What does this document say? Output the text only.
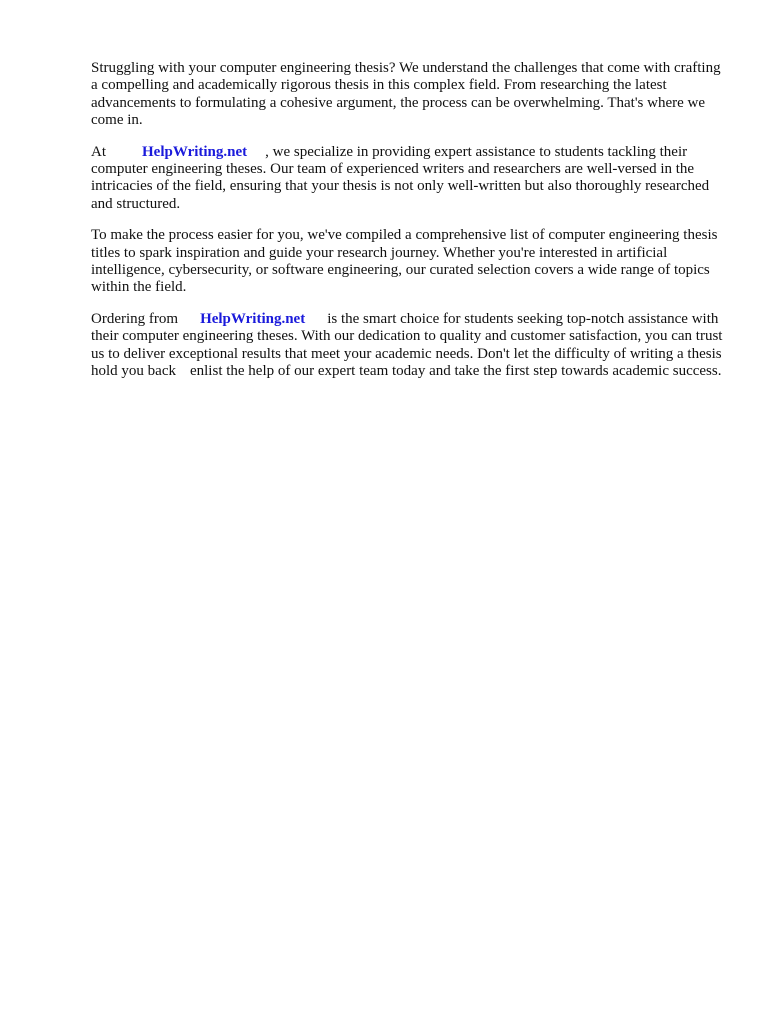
Struggling with your computer engineering thesis? We understand the challenges that come with crafting a compelling and academically rigorous thesis in this complex field. From researching the latest advancements to formulating a cohesive argument, the process can be overwhelming. That's where we come in.

At HelpWriting.net , we specialize in providing expert assistance to students tackling their computer engineering theses. Our team of experienced writers and researchers are well-versed in the intricacies of the field, ensuring that your thesis is not only well-written but also thoroughly researched and structured.

To make the process easier for you, we've compiled a comprehensive list of computer engineering thesis titles to spark inspiration and guide your research journey. Whether you're interested in artificial intelligence, cybersecurity, or software engineering, our curated selection covers a wide range of topics within the field.

Ordering from HelpWriting.net is the smart choice for students seeking top-notch assistance with their computer engineering theses. With our dedication to quality and customer satisfaction, you can trust us to deliver exceptional results that meet your academic needs. Don't let the difficulty of writing a thesis hold you back enlist the help of our expert team today and take the first step towards academic success.
